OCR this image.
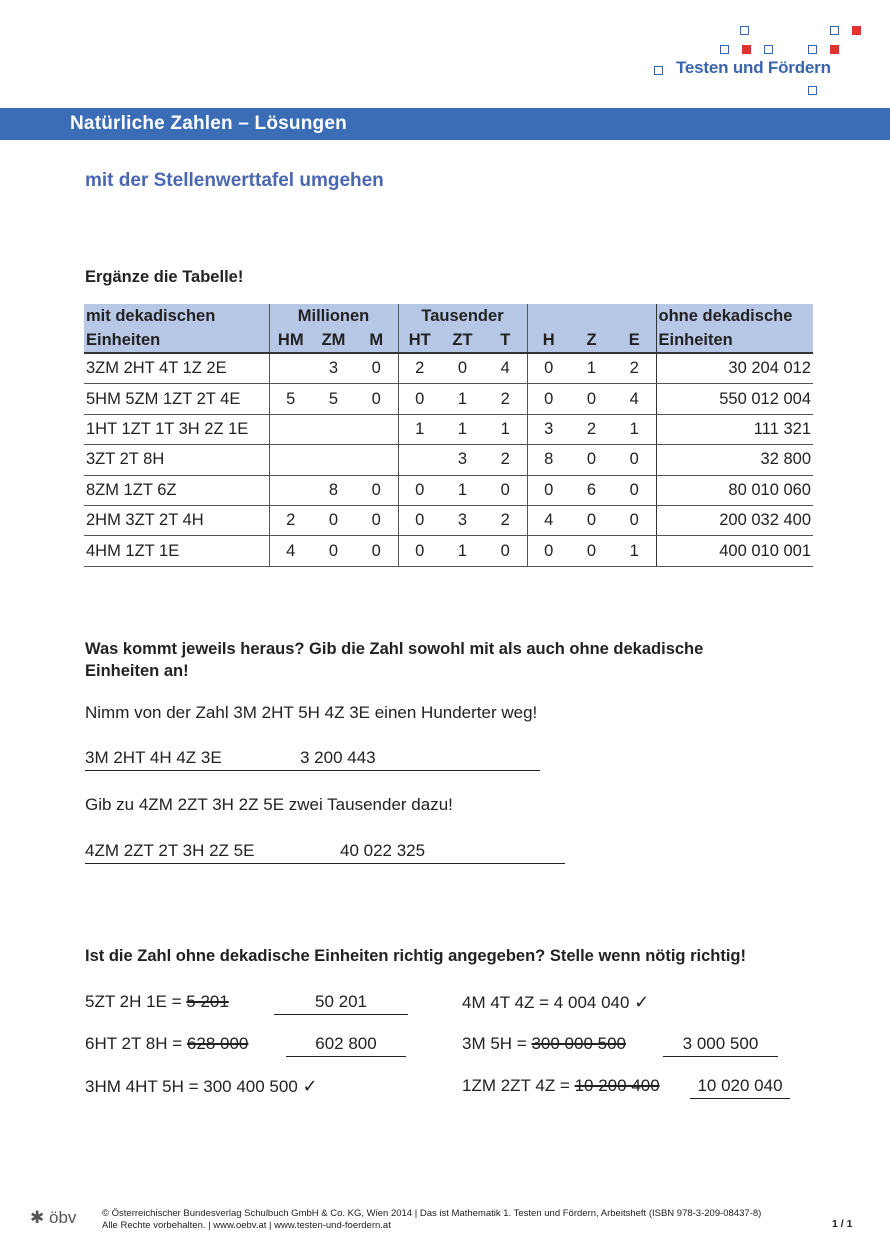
Testen und Fördern
Natürliche Zahlen – Lösungen
mit der Stellenwerttafel umgehen
Ergänze die Tabelle!
mit dekadischen	Millionen			Tausender						ohne dekadische
Einheiten	HM	ZM	M	HT	ZT	T	H	Z	E	Einheiten
3ZM 2HT 4T 1Z 2E		3	0	2	0	4	0	1	2	30 204 012
5HM 5ZM 1ZT 2T 4E	5	5	0	0	1	2	0	0	4	550 012 004
1HT 1ZT 1T 3H 2Z 1E				1	1	1	3	2	1	111 321
3ZT 2T 8H					3	2	8	0	0	32 800
8ZM 1ZT 6Z		8	0	0	1	0	0	6	0	80 010 060
2HM 3ZT 2T 4H	2	0	0	0	3	2	4	0	0	200 032 400
4HM 1ZT 1E	4	0	0	0	1	0	0	0	1	400 010 001
Was kommt jeweils heraus? Gib die Zahl sowohl mit als auch ohne dekadische
Einheiten an!
Nimm von der Zahl 3M 2HT 5H 4Z 3E einen Hunderter weg!
3M 2HT 4H 4Z 3E	3 200 443
Gib zu 4ZM 2ZT 3H 2Z 5E zwei Tausender dazu!
4ZM 2ZT 2T 3H 2Z 5E	40 022 325
Ist die Zahl ohne dekadische Einheiten richtig angegeben? Stelle wenn nötig richtig!
5ZT 2H 1E = 5 201	50 201	4M 4T 4Z = 4 004 040 ✓
6HT 2T 8H = 628 000	602 800	3M 5H = 300 000 500	3 000 500
3HM 4HT 5H = 300 400 500 ✓	1ZM 2ZT 4Z = 10 200 400	10 020 040
✱ öbv	© Österreichischer Bundesverlag Schulbuch GmbH & Co. KG, Wien 2014 | Das ist Mathematik 1. Testen und Fördern, Arbeitsheft (ISBN 978-3-209-08437-8)
Alle Rechte vorbehalten. | www.oebv.at | www.testen-und-foerdern.at	1 / 1
